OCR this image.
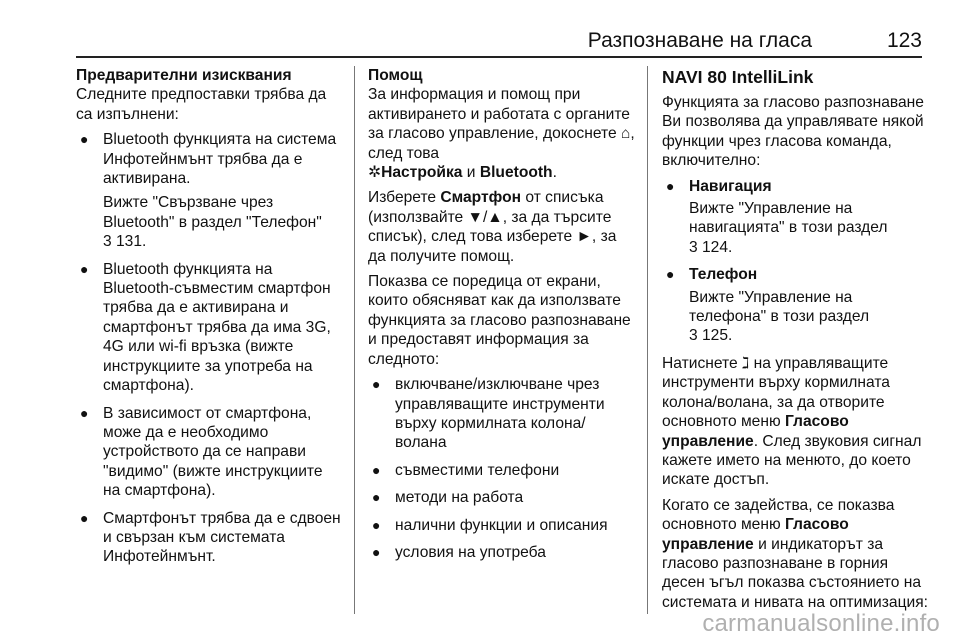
Разпознаване на гласа	123

Предварителни изисквания

Следните предпоставки трябва да са изпълнени:

● Bluetooth функцията на система Инфотейнмънт трябва да е активирана.

Вижте "Свързване чрез Bluetooth" в раздел "Телефон"
3 131.

● Bluetooth функцията на Bluetooth-съвместим смартфон трябва да е активирана и смартфонът трябва да има 3G, 4G или wi-fi връзка (вижте инструкциите за употреба на смартфона).
● В зависимост от смартфона, може да е необходимо устройството да се направи "видимо" (вижте инструкциите на смартфона).
● Смартфонът трябва да е сдвоен и свързан към системата Инфотейнмънт.

Помощ

За информация и помощ при активирането и работата с органите за гласово управление, докоснете ⌂, след това
✲Настройка и Bluetooth.

Изберете Смартфон от списъка (използвайте ▼/▲, за да търсите списък), след това изберете ►, за да получите помощ.

Показва се поредица от екрани, които обясняват как да използвате функцията за гласово разпознаване и предоставят информация за следното:

● включване/изключване чрез управляващите инструменти върху кормилната колона/ волана
● съвместими телефони
● методи на работа
● налични функции и описания
● условия на употреба

NAVI 80 IntelliLink

Функцията за гласово разпознаване Ви позволява да управлявате някой функции чрез гласова команда, включително:

● Навигация

Вижте "Управление на навигацията" в този раздел
3 124.

● Телефон

Вижте "Управление на телефона" в този раздел
3 125.

Натиснете ℷ на управляващите инструменти върху кормилната колона/волана, за да отворите основното меню Гласово управление. След звуковия сигнал кажете името на менюто, до което искате достъп.

Когато се задейства, се показва основното меню Гласово управление и индикаторът за гласово разпознаване в горния десен ъгъл показва състоянието на системата и нивата на оптимизация:

carmanualsonline.info
